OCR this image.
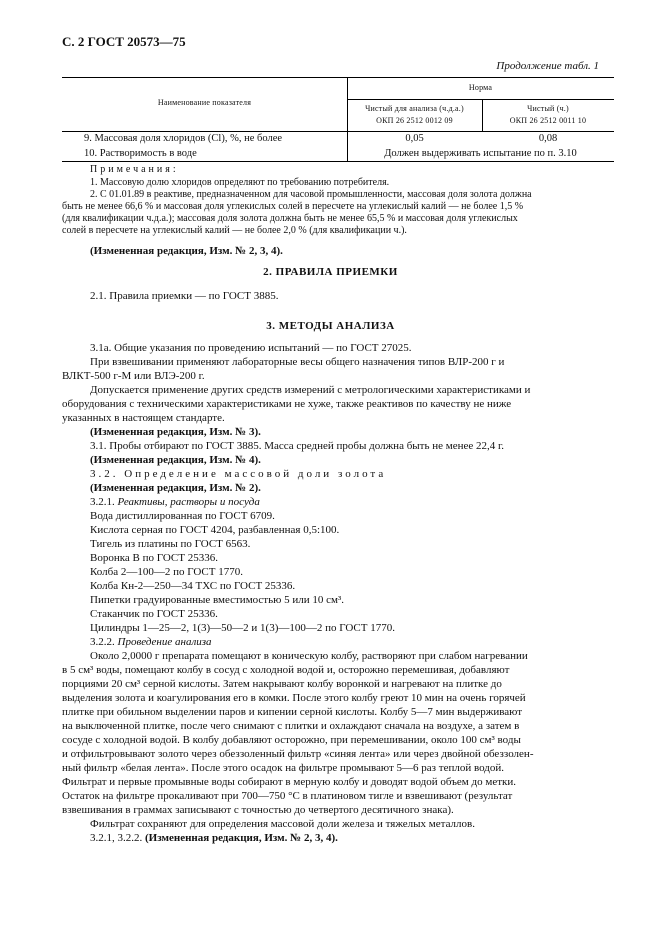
С. 2 ГОСТ 20573—75
Продолжение табл. 1
Наименование показателя
Норма
Чистый для анализа (ч.д.а.)
ОКП 26 2512 0012 09
Чистый (ч.)
ОКП 26 2512 0011 10
9. Массовая доля хлоридов (Cl), %, не более	0,05	0,08
10. Растворимость в воде	Должен выдерживать испытание по п. 3.10
Примечания:
1. Массовую долю хлоридов определяют по требованию потребителя.
2. С 01.01.89 в реактиве, предназначенном для часовой промышленности, массовая доля золота должна
быть не менее 66,6 % и массовая доля углекислых солей в пересчете на углекислый калий — не более 1,5 %
(для квалификации ч.д.а.); массовая доля золота должна быть не менее 65,5 % и массовая доля углекислых
солей в пересчете на углекислый калий — не более 2,0 % (для квалификации ч.).
(Измененная редакция, Изм. № 2, 3, 4).
2. ПРАВИЛА ПРИЕМКИ
2.1. Правила приемки — по ГОСТ 3885.
3. МЕТОДЫ АНАЛИЗА
3.1а. Общие указания по проведению испытаний — по ГОСТ 27025.
При взвешивании применяют лабораторные весы общего назначения типов ВЛР-200 г и
ВЛКТ-500 г-М или ВЛЭ-200 г.
Допускается применение других средств измерений с метрологическими характеристиками и
оборудования с техническими характеристиками не хуже, также реактивов по качеству не ниже
указанных в настоящем стандарте.
(Измененная редакция, Изм. № 3).
3.1. Пробы отбирают по ГОСТ 3885. Масса средней пробы должна быть не менее 22,4 г.
(Измененная редакция, Изм. № 4).
3.2. Определение массовой доли золота
(Измененная редакция, Изм. № 2).
3.2.1. Реактивы, растворы и посуда
Вода дистиллированная по ГОСТ 6709.
Кислота серная по ГОСТ 4204, разбавленная 0,5:100.
Тигель из платины по ГОСТ 6563.
Воронка В по ГОСТ 25336.
Колба 2—100—2 по ГОСТ 1770.
Колба Кн-2—250—34 ТХС по ГОСТ 25336.
Пипетки градуированные вместимостью 5 или 10 см³.
Стаканчик по ГОСТ 25336.
Цилиндры 1—25—2, 1(3)—50—2 и 1(3)—100—2 по ГОСТ 1770.
3.2.2. Проведение анализа
Около 2,0000 г препарата помещают в коническую колбу, растворяют при слабом нагревании
в 5 см³ воды, помещают колбу в сосуд с холодной водой и, осторожно перемешивая, добавляют
порциями 20 см³ серной кислоты. Затем накрывают колбу воронкой и нагревают на плитке до
выделения золота и коагулирования его в комки. После этого колбу греют 10 мин на очень горячей
плитке при обильном выделении паров и кипении серной кислоты. Колбу 5—7 мин выдерживают
на выключенной плитке, после чего снимают с плитки и охлаждают сначала на воздухе, а затем в
сосуде с холодной водой. В колбу добавляют осторожно, при перемешивании, около 100 см³ воды
и отфильтровывают золото через обеззоленный фильтр «синяя лента» или через двойной обеззолен-
ный фильтр «белая лента». После этого осадок на фильтре промывают 5—6 раз теплой водой.
Фильтрат и первые промывные воды собирают в мерную колбу и доводят водой объем до метки.
Остаток на фильтре прокаливают при 700—750 °С в платиновом тигле и взвешивают (результат
взвешивания в граммах записывают с точностью до четвертого десятичного знака).
Фильтрат сохраняют для определения массовой доли железа и тяжелых металлов.
3.2.1, 3.2.2. (Измененная редакция, Изм. № 2, 3, 4).
